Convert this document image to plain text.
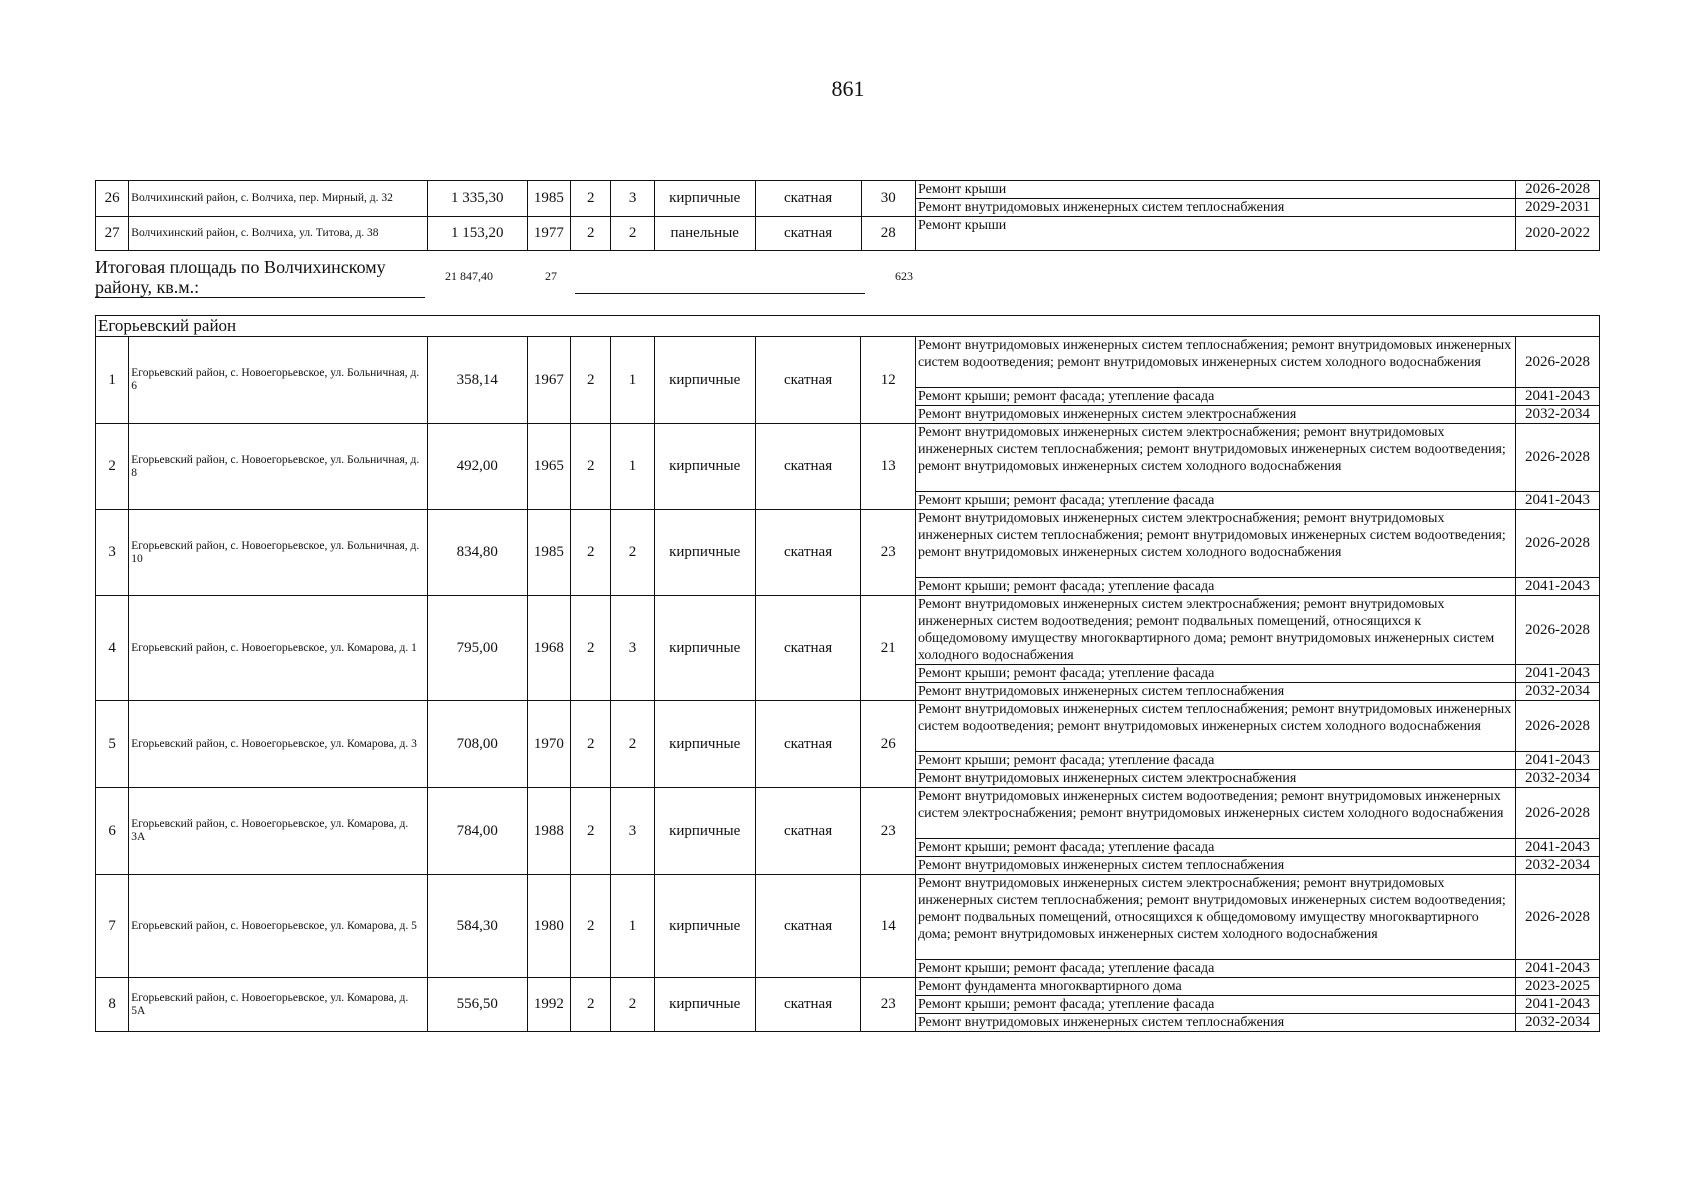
861
26	Волчихинский район, с. Волчиха, пер. Мирный, д. 32	1 335,30	1985	2	3	кирпичные	скатная	30	Ремонт крыши	2026-2028
									Ремонт внутридомовых инженерных систем теплоснабжения	2029-2031
27	Волчихинский район, с. Волчиха, ул. Титова, д. 38	1 153,20	1977	2	2	панельные	скатная	28	Ремонт крыши	2020-2022
Итоговая площадь по Волчихинскому району, кв.м.:
21 847,40	27	623
Егорьевский район										
1	Егорьевский район, с. Новоегорьевское, ул. Больничная, д. 6	358,14	1967	2	1	кирпичные	скатная	12	Ремонт внутридомовых инженерных систем теплоснабжения; ремонт внутридомовых инженерных систем водоотведения; ремонт внутридомовых инженерных систем холодного водоснабжения	2026-2028
									Ремонт крыши; ремонт фасада; утепление фасада	2041-2043
									Ремонт внутридомовых инженерных систем электроснабжения	2032-2034
2	Егорьевский район, с. Новоегорьевское, ул. Больничная, д. 8	492,00	1965	2	1	кирпичные	скатная	13	Ремонт внутридомовых инженерных систем электроснабжения; ремонт внутридомовых инженерных систем теплоснабжения; ремонт внутридомовых инженерных систем водоотведения; ремонт внутридомовых инженерных систем холодного водоснабжения	2026-2028
									Ремонт крыши; ремонт фасада; утепление фасада	2041-2043
3	Егорьевский район, с. Новоегорьевское, ул. Больничная, д. 10	834,80	1985	2	2	кирпичные	скатная	23	Ремонт внутридомовых инженерных систем электроснабжения; ремонт внутридомовых инженерных систем теплоснабжения; ремонт внутридомовых инженерных систем водоотведения; ремонт внутридомовых инженерных систем холодного водоснабжения	2026-2028
									Ремонт крыши; ремонт фасада; утепление фасада	2041-2043
4	Егорьевский район, с. Новоегорьевское, ул. Комарова, д. 1	795,00	1968	2	3	кирпичные	скатная	21	Ремонт внутридомовых инженерных систем электроснабжения; ремонт внутридомовых инженерных систем водоотведения; ремонт подвальных помещений, относящихся к общедомовому имуществу многоквартирного дома; ремонт внутридомовых инженерных систем холодного водоснабжения	2026-2028
									Ремонт крыши; ремонт фасада; утепление фасада	2041-2043
									Ремонт внутридомовых инженерных систем теплоснабжения	2032-2034
5	Егорьевский район, с. Новоегорьевское, ул. Комарова, д. 3	708,00	1970	2	2	кирпичные	скатная	26	Ремонт внутридомовых инженерных систем теплоснабжения; ремонт внутридомовых инженерных систем водоотведения; ремонт внутридомовых инженерных систем холодного водоснабжения	2026-2028
									Ремонт крыши; ремонт фасада; утепление фасада	2041-2043
									Ремонт внутридомовых инженерных систем электроснабжения	2032-2034
6	Егорьевский район, с. Новоегорьевское, ул. Комарова, д. 3А	784,00	1988	2	3	кирпичные	скатная	23	Ремонт внутридомовых инженерных систем водоотведения; ремонт внутридомовых инженерных систем электроснабжения; ремонт внутридомовых инженерных систем холодного водоснабжения	2026-2028
									Ремонт крыши; ремонт фасада; утепление фасада	2041-2043
									Ремонт внутридомовых инженерных систем теплоснабжения	2032-2034
7	Егорьевский район, с. Новоегорьевское, ул. Комарова, д. 5	584,30	1980	2	1	кирпичные	скатная	14	Ремонт внутридомовых инженерных систем электроснабжения; ремонт внутридомовых инженерных систем теплоснабжения; ремонт внутридомовых инженерных систем водоотведения; ремонт подвальных помещений, относящихся к общедомовому имуществу многоквартирного дома; ремонт внутридомовых инженерных систем холодного водоснабжения	2026-2028
									Ремонт крыши; ремонт фасада; утепление фасада	2041-2043
8	Егорьевский район, с. Новоегорьевское, ул. Комарова, д. 5А	556,50	1992	2	2	кирпичные	скатная	23	Ремонт фундамента многоквартирного дома	2023-2025
									Ремонт крыши; ремонт фасада; утепление фасада	2041-2043
									Ремонт внутридомовых инженерных систем теплоснабжения	2032-2034
